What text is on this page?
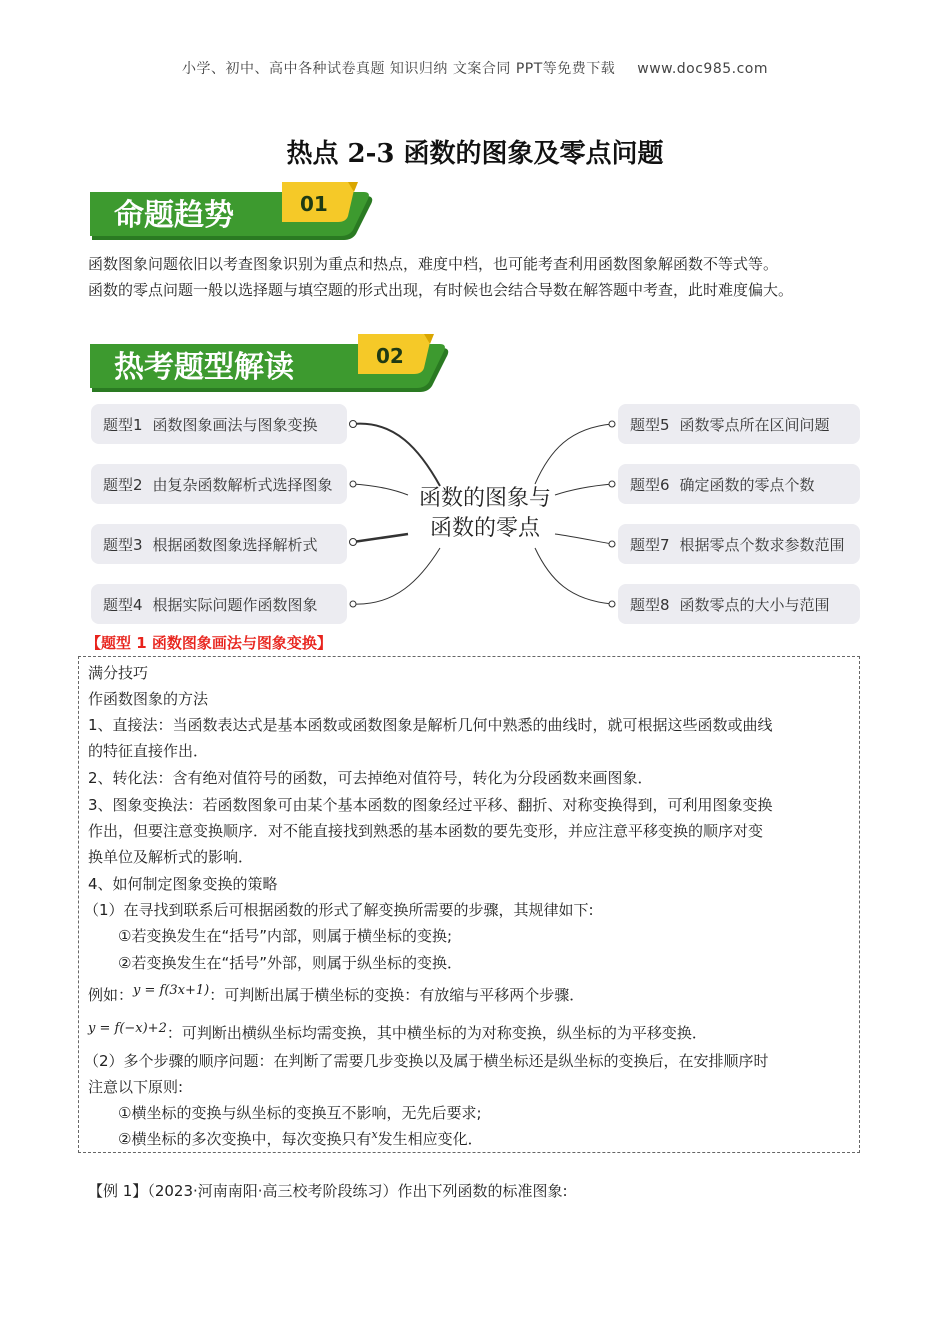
小学、初中、高中各种试卷真题 知识归纳 文案合同 PPT等免费下载 www.doc985.com
热点 2-3 函数的图象及零点问题
命题趋势	01
函数图象问题依旧以考查图象识别为重点和热点，难度中档，也可能考查利用函数图象解函数不等式等。
函数的零点问题一般以选择题与填空题的形式出现，有时候也会结合导数在解答题中考查，此时难度偏大。
热考题型解读	02
题型1 函数图象画法与图象变换
题型2 由复杂函数解析式选择图象
题型3 根据函数图象选择解析式
题型4 根据实际问题作函数图象
题型5 函数零点所在区间问题
题型6 确定函数的零点个数
题型7 根据零点个数求参数范围
题型8 函数零点的大小与范围
函数的图象与
函数的零点
【题型 1 函数图象画法与图象变换】
满分技巧
作函数图象的方法
1、直接法：当函数表达式是基本函数或函数图象是解析几何中熟悉的曲线时，就可根据这些函数或曲线
的特征直接作出．
2、转化法：含有绝对值符号的函数，可去掉绝对值符号，转化为分段函数来画图象．
3、图象变换法：若函数图象可由某个基本函数的图象经过平移、翻折、对称变换得到，可利用图象变换
作出，但要注意变换顺序．对不能直接找到熟悉的基本函数的要先变形，并应注意平移变换的顺序对变
换单位及解析式的影响．
4、如何制定图象变换的策略
（1）在寻找到联系后可根据函数的形式了解变换所需要的步骤，其规律如下:
①若变换发生在“括号”内部，则属于横坐标的变换;
②若变换发生在“括号”外部，则属于纵坐标的变换．
例如：y = f(3x+1)：可判断出属于横坐标的变换：有放缩与平移两个步骤．
y = f(−x)+2：可判断出横纵坐标均需变换，其中横坐标的为对称变换，纵坐标的为平移变换．
（2）多个步骤的顺序问题：在判断了需要几步变换以及属于横坐标还是纵坐标的变换后，在安排顺序时
注意以下原则:
①横坐标的变换与纵坐标的变换互不影响，无先后要求;
②横坐标的多次变换中，每次变换只有$^x$发生相应变化．
【例 1】（2023·河南南阳·高三校考阶段练习）作出下列函数的标准图象:
